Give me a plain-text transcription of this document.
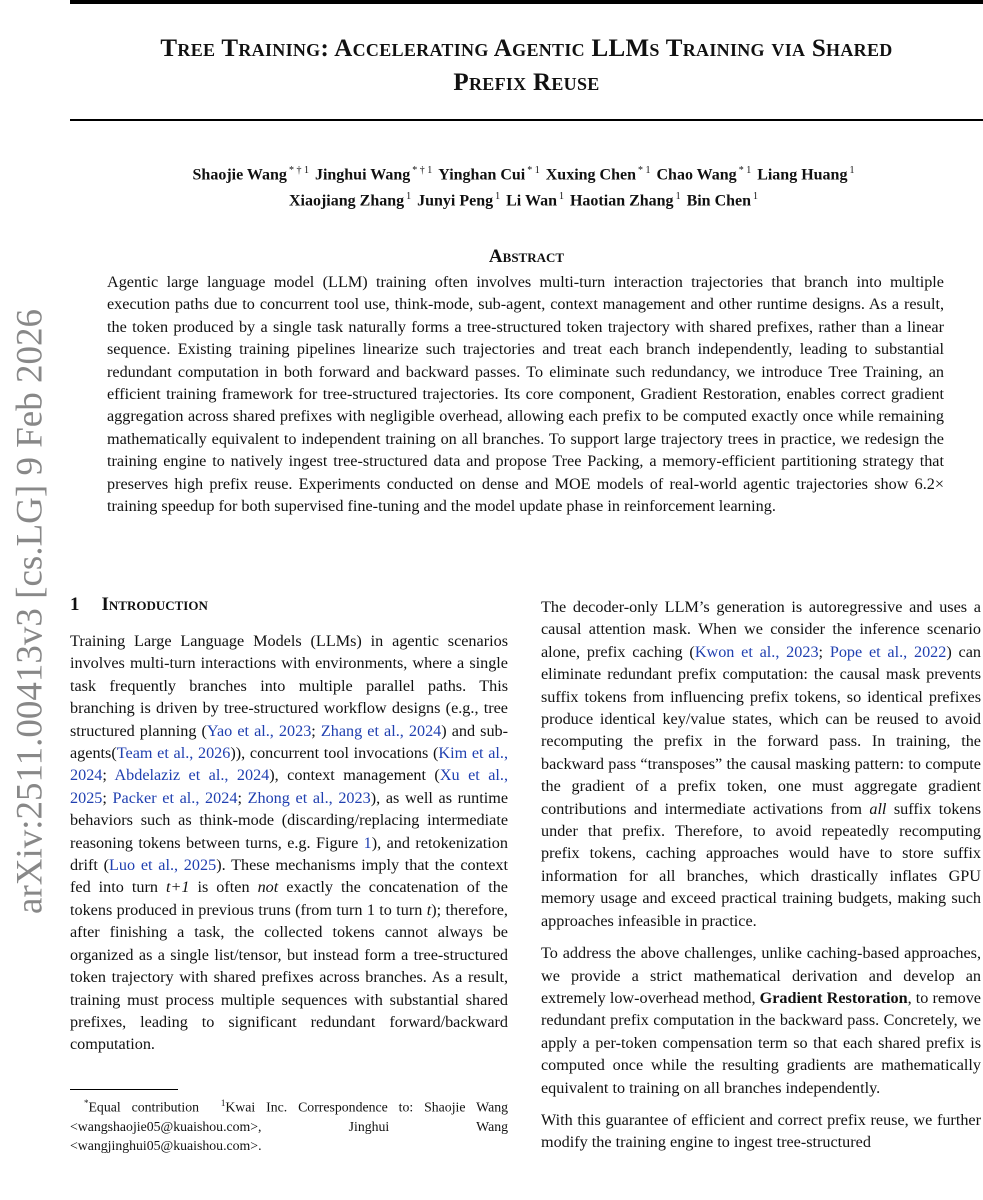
arXiv:2511.00413v3 [cs.LG] 9 Feb 2026
Tree Training: Accelerating Agentic LLMs Training via Shared
Prefix Reuse
Shaojie Wang $^{* \dagger 1}$ Jinghui Wang $^{* \dagger 1}$ Yinghan Cui $^{* 1}$ Xuxing Chen $^{* 1}$ Chao Wang $^{* 1}$ Liang Huang $^1$
Xiaojiang Zhang $^1$ Junyi Peng $^1$ Li Wan $^1$ Haotian Zhang $^1$ Bin Chen $^1$
Abstract

Agentic large language model (LLM) training often involves multi-turn interaction trajectories that branch into multiple execution paths due to concurrent tool use, think-mode, sub-agent, context management and other runtime designs. As a result, the token produced by a single task naturally forms a tree-structured token trajectory with shared prefixes, rather than a linear sequence. Existing training pipelines linearize such trajectories and treat each branch independently, leading to substantial redundant computation in both forward and backward passes. To eliminate such redundancy, we introduce Tree Training, an efficient training framework for tree-structured trajectories. Its core component, Gradient Restoration, enables correct gradient aggregation across shared prefixes with negligible overhead, allowing each prefix to be computed exactly once while remaining mathematically equivalent to independent training on all branches. To support large trajectory trees in practice, we redesign the training engine to natively ingest tree-structured data and propose Tree Packing, a memory-efficient partitioning strategy that preserves high prefix reuse. Experiments conducted on dense and MOE models of real-world agentic trajectories show 6.2× training speedup for both supervised fine-tuning and the model update phase in reinforcement learning.

1 Introduction

Training Large Language Models (LLMs) in agentic scenarios involves multi-turn interactions with environments, where a single task frequently branches into multiple parallel paths. This branching is driven by tree-structured workflow designs (e.g., tree structured planning (Yao et al., 2023; Zhang et al., 2024) and sub-agents(Team et al., 2026)), concurrent tool invocations (Kim et al., 2024; Abdelaziz et al., 2024), context management (Xu et al., 2025; Packer et al., 2024; Zhong et al., 2023), as well as runtime behaviors such as think-mode (discarding/replacing intermediate reasoning tokens between turns, e.g. Figure 1), and retokenization drift (Luo et al., 2025). These mechanisms imply that the context fed into turn t+1 is often not exactly the concatenation of the tokens produced in previous truns (from turn 1 to turn t); therefore, after finishing a task, the collected tokens cannot always be organized as a single list/tensor, but instead form a tree-structured token trajectory with shared prefixes across branches. As a result, training must process multiple sequences with substantial shared prefixes, leading to significant redundant forward/backward computation.

The decoder-only LLM’s generation is autoregressive and uses a causal attention mask. When we consider the inference scenario alone, prefix caching (Kwon et al., 2023; Pope et al., 2022) can eliminate redundant prefix computation: the causal mask prevents suffix tokens from influencing prefix tokens, so identical prefixes produce identical key/value states, which can be reused to avoid recomputing the prefix in the forward pass. In training, the backward pass “transposes” the causal masking pattern: to compute the gradient of a prefix token, one must aggregate gradient contributions and intermediate activations from all suffix tokens under that prefix. Therefore, to avoid repeatedly recomputing prefix tokens, caching approaches would have to store suffix information for all branches, which drastically inflates GPU memory usage and exceed practical training budgets, making such approaches infeasible in practice.

To address the above challenges, unlike caching-based approaches, we provide a strict mathematical derivation and develop an extremely low-overhead method, Gradient Restoration, to remove redundant prefix computation in the backward pass. Concretely, we apply a per-token compensation term so that each shared prefix is computed once while the resulting gradients are mathematically equivalent to training on all branches independently.

With this guarantee of efficient and correct prefix reuse, we further modify the training engine to ingest tree-structured

*Equal contribution $^1$Kwai Inc. Correspondence to: Shaojie Wang <wangshaojie05@kuaishou.com>, Jinghui Wang <wangjinghui05@kuaishou.com>.
